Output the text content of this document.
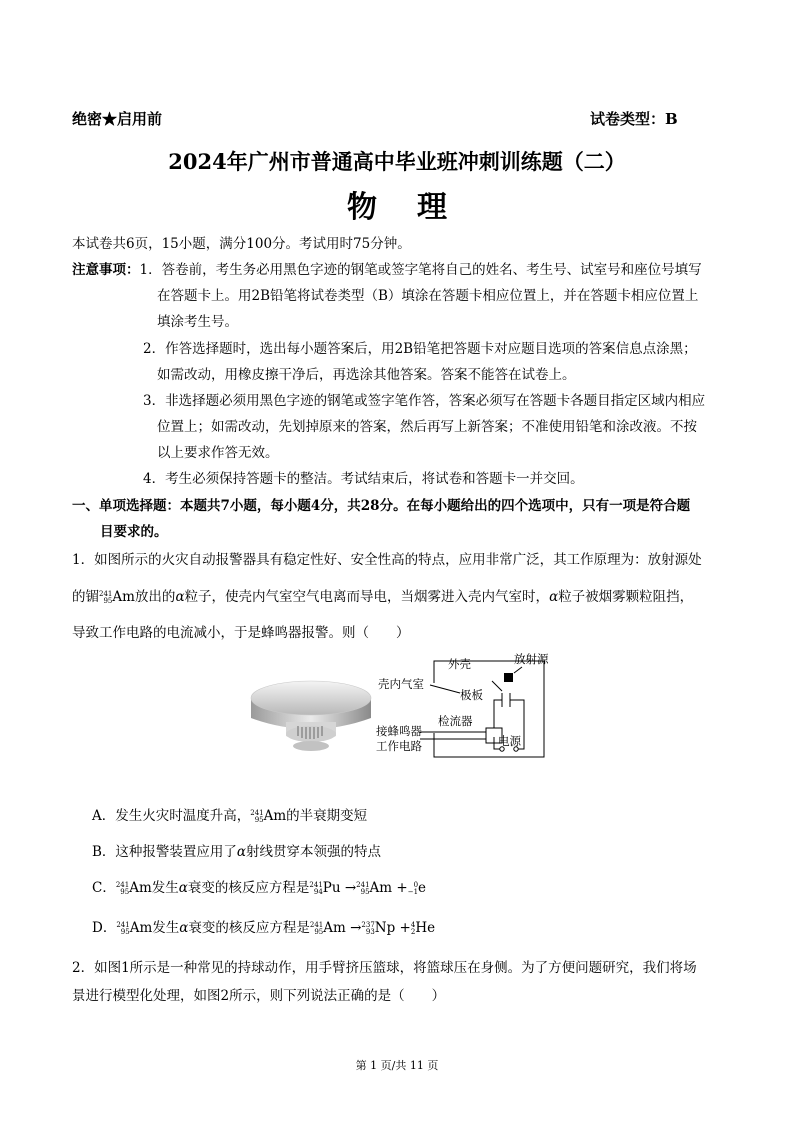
绝密★启用前	试卷类型：B
2024年广州市普通高中毕业班冲刺训练题（二）
物理
本试卷共6页，15小题，满分100分。考试用时75分钟。
注意事项：1．答卷前，考生务必用黑色字迹的钢笔或签字笔将自己的姓名、考生号、试室号和座位号填写
在答题卡上。用2B铅笔将试卷类型（B）填涂在答题卡相应位置上，并在答题卡相应位置上
填涂考生号。
2．作答选择题时，选出每小题答案后，用2B铅笔把答题卡对应题目选项的答案信息点涂黑；
如需改动，用橡皮擦干净后，再选涂其他答案。答案不能答在试卷上。
3．非选择题必须用黑色字迹的钢笔或签字笔作答，答案必须写在答题卡各题目指定区域内相应
位置上；如需改动，先划掉原来的答案，然后再写上新答案；不准使用铅笔和涂改液。不按
以上要求作答无效。
4．考生必须保持答题卡的整洁。考试结束后，将试卷和答题卡一并交回。
一、单项选择题：本题共7小题，每小题4分，共28分。在每小题给出的四个选项中，只有一项是符合题
目要求的。
1．如图所示的火灾自动报警器具有稳定性好、安全性高的特点，应用非常广泛，其工作原理为：放射源处
的镅 241
95 Am放出的α粒子，使壳内气室空气电离而导电，当烟雾进入壳内气室时，α粒子被烟雾颗粒阻挡，
导致工作电路的电流减小，于是蜂鸣器报警。则（　　）
外壳	放射源
壳内气室
极板
检流器
接蜂鸣器
工作电路	电源
A．发生火灾时温度升高， 241
95 Am的半衰期变短
B．这种报警装置应用了α射线贯穿本领强的特点
C． 241
95 Am发生α衰变的核反应方程是 241
94 Pu → 241
95 Am + 0
−1 e
D． 241
95 Am发生α衰变的核反应方程是 241
95 Am → 237
93 Np + 4
2 He
2．如图1所示是一种常见的持球动作，用手臂挤压篮球，将篮球压在身侧。为了方便问题研究，我们将场
景进行模型化处理，如图2所示，则下列说法正确的是（　　）
第 1 页/共 11 页
